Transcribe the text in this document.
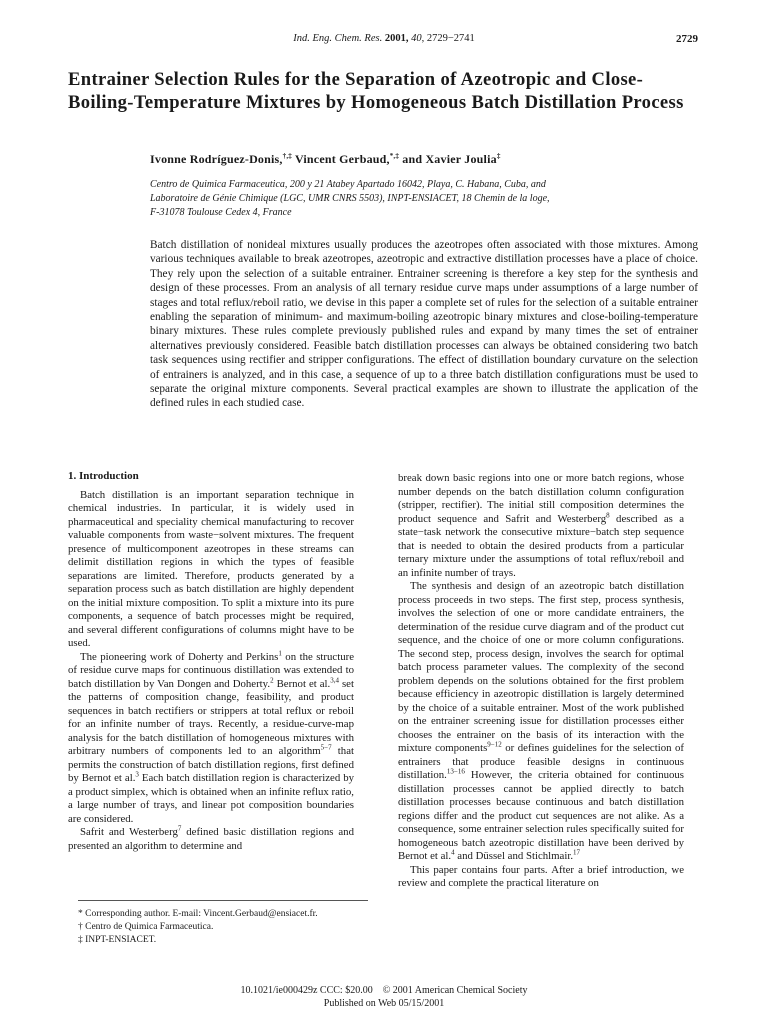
Ind. Eng. Chem. Res. 2001, 40, 2729−2741	2729
Entrainer Selection Rules for the Separation of Azeotropic and Close-Boiling-Temperature Mixtures by Homogeneous Batch Distillation Process
Ivonne Rodríguez-Donis,†,‡ Vincent Gerbaud,*,‡ and Xavier Joulia‡
Centro de Quimica Farmaceutica, 200 y 21 Atabey Apartado 16042, Playa, C. Habana, Cuba, and
Laboratoire de Génie Chimique (LGC, UMR CNRS 5503), INPT-ENSIACET, 18 Chemin de la loge,
F-31078 Toulouse Cedex 4, France
Batch distillation of nonideal mixtures usually produces the azeotropes often associated with those mixtures. Among various techniques available to break azeotropes, azeotropic and extractive distillation processes have a place of choice. They rely upon the selection of a suitable entrainer. Entrainer screening is therefore a key step for the synthesis and design of these processes. From an analysis of all ternary residue curve maps under assumptions of a large number of stages and total reflux/reboil ratio, we devise in this paper a complete set of rules for the selection of a suitable entrainer enabling the separation of minimum- and maximum-boiling azeotropic binary mixtures and close-boiling-temperature binary mixtures. These rules complete previously published rules and expand by many times the set of entrainer alternatives previously considered. Feasible batch distillation processes can always be obtained considering two batch task sequences using rectifier and stripper configurations. The effect of distillation boundary curvature on the selection of entrainers is analyzed, and in this case, a sequence of up to a three batch distillation configurations must be used to separate the original mixture components. Several practical examples are shown to illustrate the application of the defined rules in each studied case.

1. Introduction

Batch distillation is an important separation technique in chemical industries. In particular, it is widely used in pharmaceutical and speciality chemical manufacturing to recover valuable components from waste−solvent mixtures. The frequent presence of multicomponent azeotropes in these streams can delimit distillation regions in which the types of feasible separations are limited. Therefore, products generated by a separation process such as batch distillation are highly dependent on the initial mixture composition. To split a mixture into its pure components, a sequence of batch processes might be required, and several different configurations of columns might have to be used.

The pioneering work of Doherty and Perkins$^1$ on the structure of residue curve maps for continuous distillation was extended to batch distillation by Van Dongen and Doherty.$^2$ Bernot et al.$^{3,4}$ set the patterns of composition change, feasibility, and product sequences in batch rectifiers or strippers at total reflux or reboil for an infinite number of trays. Recently, a residue-curve-map analysis for the batch distillation of homogeneous mixtures with arbitrary numbers of components led to an algorithm$^{5-7}$ that permits the construction of batch distillation regions, first defined by Bernot et al.$^3$ Each batch distillation region is characterized by a product simplex, which is obtained when an infinite reflux ratio, a large number of trays, and linear pot composition boundaries are considered.

Safrit and Westerberg$^7$ defined basic distillation regions and presented an algorithm to determine and

* Corresponding author. E-mail: Vincent.Gerbaud@ensiacet.fr.
† Centro de Quimica Farmaceutica.
‡ INPT-ENSIACET.

break down basic regions into one or more batch regions, whose number depends on the batch distillation column configuration (stripper, rectifier). The initial still composition determines the product sequence and Safrit and Westerberg$^8$ described as a state−task network the consecutive mixture−batch step sequence that is needed to obtain the desired products from a particular ternary mixture under the assumptions of total reflux/reboil and an infinite number of trays.

The synthesis and design of an azeotropic batch distillation process proceeds in two steps. The first step, process synthesis, involves the selection of one or more candidate entrainers, the determination of the residue curve diagram and of the product cut sequence, and the choice of one or more column configurations. The second step, process design, involves the search for optimal batch process parameter values. The complexity of the second problem depends on the solutions obtained for the first problem because efficiency in azeotropic distillation is largely determined by the choice of a suitable entrainer. Most of the work published on the entrainer screening issue for distillation processes either chooses the entrainer on the basis of its interaction with the mixture components$^{9-12}$ or defines guidelines for the selection of entrainers that produce feasible designs in continuous distillation.$^{13-16}$ However, the criteria obtained for continuous distillation processes cannot be applied directly to batch distillation processes because continuous and batch distillation regions differ and the product cut sequences are not alike. As a consequence, some entrainer selection rules specifically suited for homogeneous batch azeotropic distillation have been derived by Bernot et al.$^4$ and Düssel and Stichlmair.$^{17}$

This paper contains four parts. After a brief introduction, we review and complete the practical literature on

10.1021/ie000429z CCC: $20.00    © 2001 American Chemical Society
Published on Web 05/15/2001
